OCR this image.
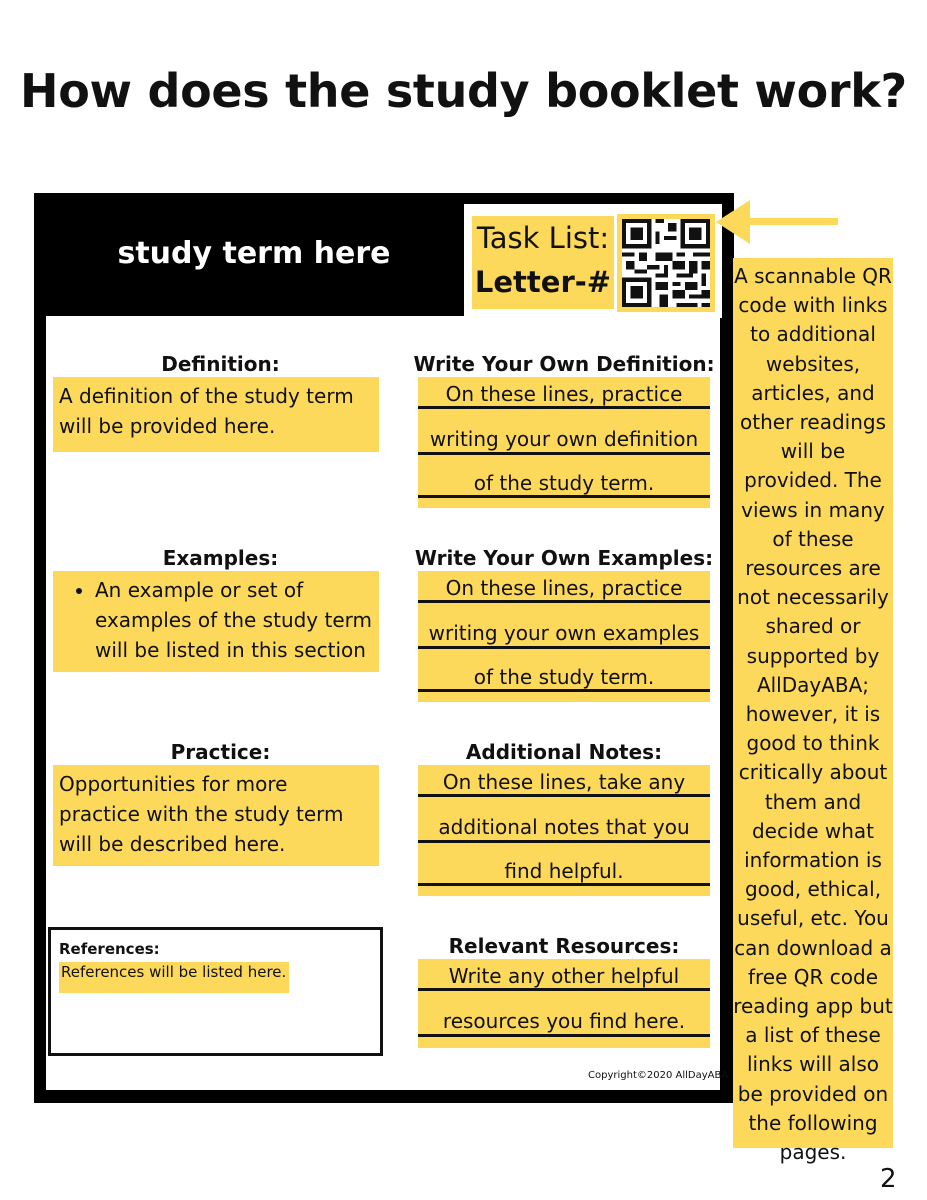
How does the study booklet work?
study term here	Task List:
Letter-#	A scannable QR code with links to additional websites, articles, and other readings will be provided. The views in many of these resources are not necessarily shared or supported by AllDayABA; however, it is good to think critically about them and decide what information is good, ethical, useful, etc. You can download a free QR code reading app but a list of these links will also be provided on the following pages.
Definition:
A definition of the study term will be provided here.
Examples:
• An example or set of examples of the study term will be listed in this section
Practice:
Opportunities for more practice with the study term will be described here.
References:
References will be listed here.
Write Your Own Definition:
On these lines, practice
writing your own definition
of the study term.
Write Your Own Examples:
On these lines, practice
writing your own examples
of the study term.
Additional Notes:
On these lines, take any
additional notes that you
find helpful.
Relevant Resources:
Write any other helpful
resources you find here.
Copyright©2020 AllDayABA
2
